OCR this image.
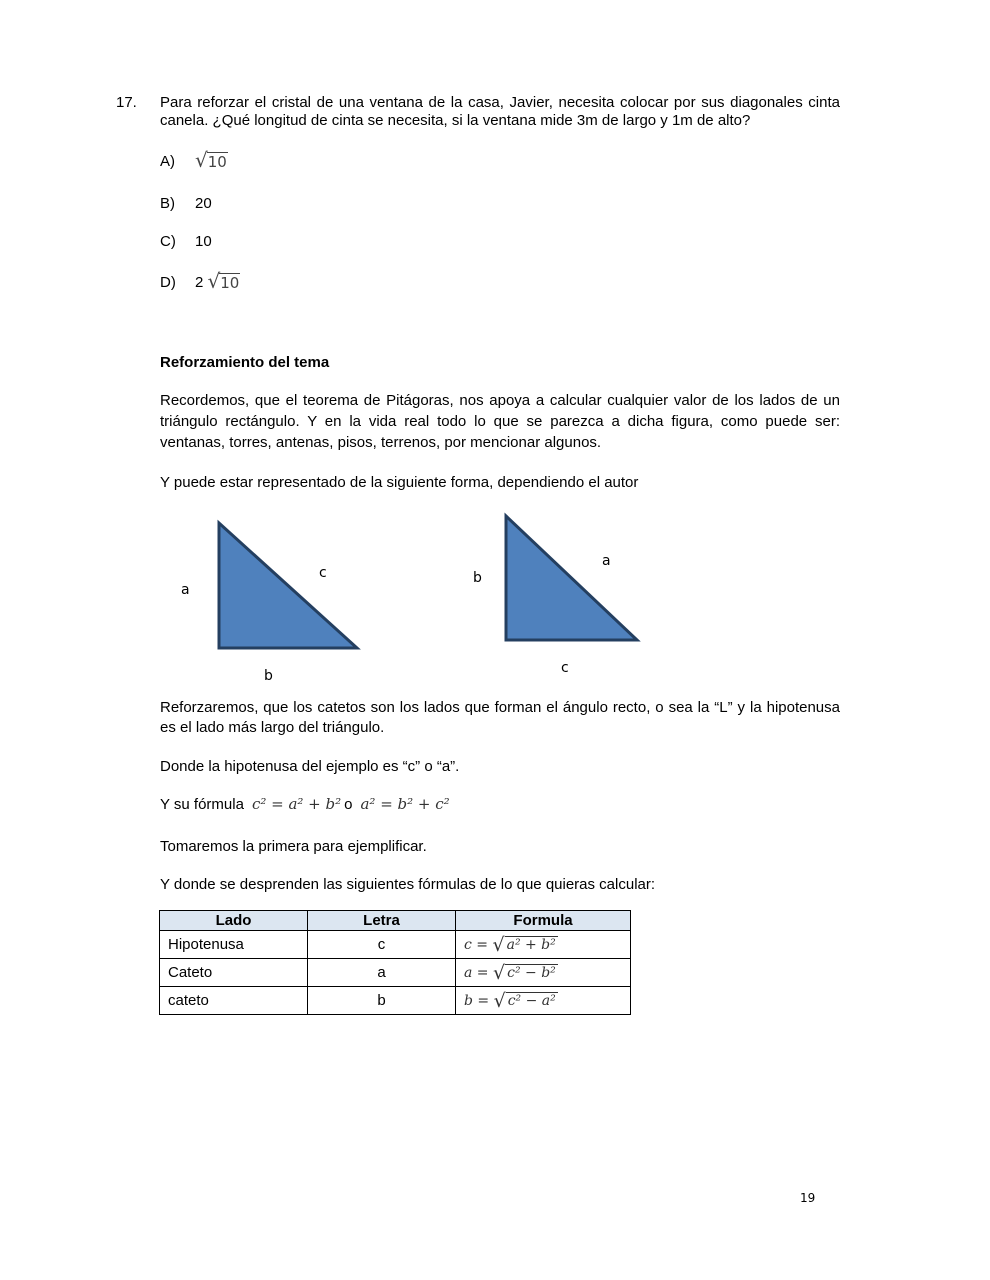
17. Para reforzar el cristal de una ventana de la casa, Javier, necesita colocar por sus diagonales cinta canela. ¿Qué longitud de cinta se necesita, si la ventana mide 3m de largo y 1m de alto?
A) √ 10
B) 20
C) 10
D) 2 √ 10
Reforzamiento del tema
Recordemos, que el teorema de Pitágoras, nos apoya a calcular cualquier valor de los lados de un triángulo rectángulo. Y en la vida real todo lo que se parezca a dicha figura, como puede ser: ventanas, torres, antenas, pisos, terrenos, por mencionar algunos.
Y puede estar representado de la siguiente forma, dependiendo el autor
a
c
b
b
a
c
Reforzaremos, que los catetos son los lados que forman el ángulo recto, o sea la “L” y la hipotenusa es el lado más largo del triángulo.
Donde la hipotenusa del ejemplo es “c” o “a”.
Y su fórmula c² = a² + b² o a² = b² + c²
Tomaremos la primera para ejemplificar.
Y donde se desprenden las siguientes fórmulas de lo que quieras calcular:
Lado	Letra	Formula
Hipotenusa	c	c = √ a² + b²

Cateto	a	a = √ c² − b²

cateto	b	b = √ c² − a²
19
